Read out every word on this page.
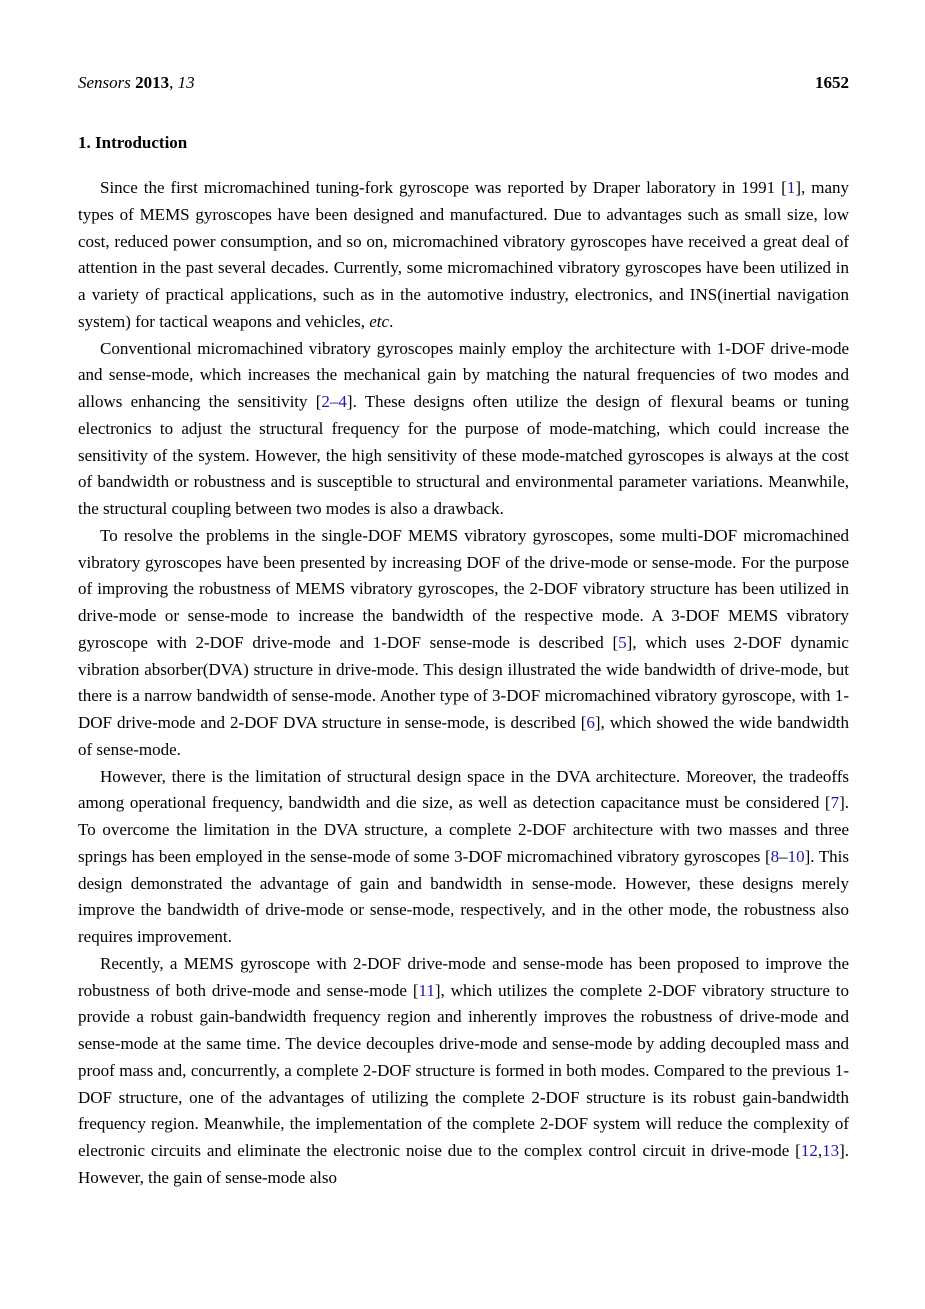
Sensors 2013, 13	1652
1. Introduction

Since the first micromachined tuning-fork gyroscope was reported by Draper laboratory in 1991 [1], many types of MEMS gyroscopes have been designed and manufactured. Due to advantages such as small size, low cost, reduced power consumption, and so on, micromachined vibratory gyroscopes have received a great deal of attention in the past several decades. Currently, some micromachined vibratory gyroscopes have been utilized in a variety of practical applications, such as in the automotive industry, electronics, and INS(inertial navigation system) for tactical weapons and vehicles, etc.

Conventional micromachined vibratory gyroscopes mainly employ the architecture with 1-DOF drive-mode and sense-mode, which increases the mechanical gain by matching the natural frequencies of two modes and allows enhancing the sensitivity [2–4]. These designs often utilize the design of flexural beams or tuning electronics to adjust the structural frequency for the purpose of mode-matching, which could increase the sensitivity of the system. However, the high sensitivity of these mode-matched gyroscopes is always at the cost of bandwidth or robustness and is susceptible to structural and environmental parameter variations. Meanwhile, the structural coupling between two modes is also a drawback.

To resolve the problems in the single-DOF MEMS vibratory gyroscopes, some multi-DOF micromachined vibratory gyroscopes have been presented by increasing DOF of the drive-mode or sense-mode. For the purpose of improving the robustness of MEMS vibratory gyroscopes, the 2-DOF vibratory structure has been utilized in drive-mode or sense-mode to increase the bandwidth of the respective mode. A 3-DOF MEMS vibratory gyroscope with 2-DOF drive-mode and 1-DOF sense-mode is described [5], which uses 2-DOF dynamic vibration absorber(DVA) structure in drive-mode. This design illustrated the wide bandwidth of drive-mode, but there is a narrow bandwidth of sense-mode. Another type of 3-DOF micromachined vibratory gyroscope, with 1-DOF drive-mode and 2-DOF DVA structure in sense-mode, is described [6], which showed the wide bandwidth of sense-mode.

However, there is the limitation of structural design space in the DVA architecture. Moreover, the tradeoffs among operational frequency, bandwidth and die size, as well as detection capacitance must be considered [7]. To overcome the limitation in the DVA structure, a complete 2-DOF architecture with two masses and three springs has been employed in the sense-mode of some 3-DOF micromachined vibratory gyroscopes [8–10]. This design demonstrated the advantage of gain and bandwidth in sense-mode. However, these designs merely improve the bandwidth of drive-mode or sense-mode, respectively, and in the other mode, the robustness also requires improvement.

Recently, a MEMS gyroscope with 2-DOF drive-mode and sense-mode has been proposed to improve the robustness of both drive-mode and sense-mode [11], which utilizes the complete 2-DOF vibratory structure to provide a robust gain-bandwidth frequency region and inherently improves the robustness of drive-mode and sense-mode at the same time. The device decouples drive-mode and sense-mode by adding decoupled mass and proof mass and, concurrently, a complete 2-DOF structure is formed in both modes. Compared to the previous 1-DOF structure, one of the advantages of utilizing the complete 2-DOF structure is its robust gain-bandwidth frequency region. Meanwhile, the implementation of the complete 2-DOF system will reduce the complexity of electronic circuits and eliminate the electronic noise due to the complex control circuit in drive-mode [12,13]. However, the gain of sense-mode also
